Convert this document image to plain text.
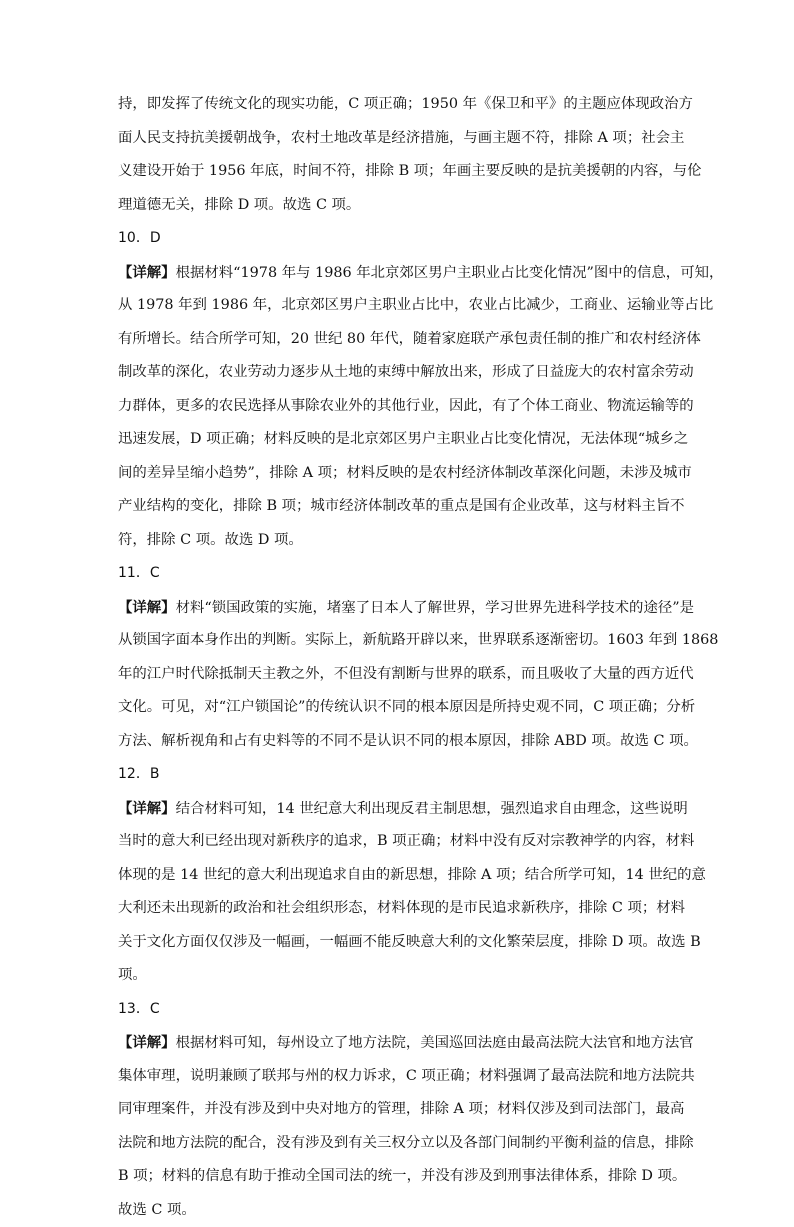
持，即发挥了传统文化的现实功能，C 项正确；1950 年《保卫和平》的主题应体现政治方
面人民支持抗美援朝战争，农村土地改革是经济措施，与画主题不符，排除 A 项；社会主
义建设开始于 1956 年底，时间不符，排除 B 项；年画主要反映的是抗美援朝的内容，与伦
理道德无关，排除 D 项。故选 C 项。
10．D
【详解】根据材料“1978 年与 1986 年北京郊区男户主职业占比变化情况”图中的信息，可知，
从 1978 年到 1986 年，北京郊区男户主职业占比中，农业占比减少，工商业、运输业等占比
有所增长。结合所学可知，20 世纪 80 年代，随着家庭联产承包责任制的推广和农村经济体
制改革的深化，农业劳动力逐步从土地的束缚中解放出来，形成了日益庞大的农村富余劳动
力群体，更多的农民选择从事除农业外的其他行业，因此，有了个体工商业、物流运输等的
迅速发展，D 项正确；材料反映的是北京郊区男户主职业占比变化情况，无法体现“城乡之
间的差异呈缩小趋势”，排除 A 项；材料反映的是农村经济体制改革深化问题，未涉及城市
产业结构的变化，排除 B 项；城市经济体制改革的重点是国有企业改革，这与材料主旨不
符，排除 C 项。故选 D 项。
11．C
【详解】材料“锁国政策的实施，堵塞了日本人了解世界，学习世界先进科学技术的途径”是
从锁国字面本身作出的判断。实际上，新航路开辟以来，世界联系逐渐密切。1603 年到 1868
年的江户时代除抵制天主教之外，不但没有割断与世界的联系，而且吸收了大量的西方近代
文化。可见，对“江户锁国论”的传统认识不同的根本原因是所持史观不同，C 项正确；分析
方法、解析视角和占有史料等的不同不是认识不同的根本原因，排除 ABD 项。故选 C 项。
12．B
【详解】结合材料可知，14 世纪意大利出现反君主制思想，强烈追求自由理念，这些说明
当时的意大利已经出现对新秩序的追求，B 项正确；材料中没有反对宗教神学的内容，材料
体现的是 14 世纪的意大利出现追求自由的新思想，排除 A 项；结合所学可知，14 世纪的意
大利还未出现新的政治和社会组织形态，材料体现的是市民追求新秩序，排除 C 项；材料
关于文化方面仅仅涉及一幅画，一幅画不能反映意大利的文化繁荣层度，排除 D 项。故选 B
项。
13．C
【详解】根据材料可知，每州设立了地方法院，美国巡回法庭由最高法院大法官和地方法官
集体审理，说明兼顾了联邦与州的权力诉求，C 项正确；材料强调了最高法院和地方法院共
同审理案件，并没有涉及到中央对地方的管理，排除 A 项；材料仅涉及到司法部门，最高
法院和地方法院的配合，没有涉及到有关三权分立以及各部门间制约平衡利益的信息，排除
B 项；材料的信息有助于推动全国司法的统一，并没有涉及到刑事法律体系，排除 D 项。
故选 C 项。
